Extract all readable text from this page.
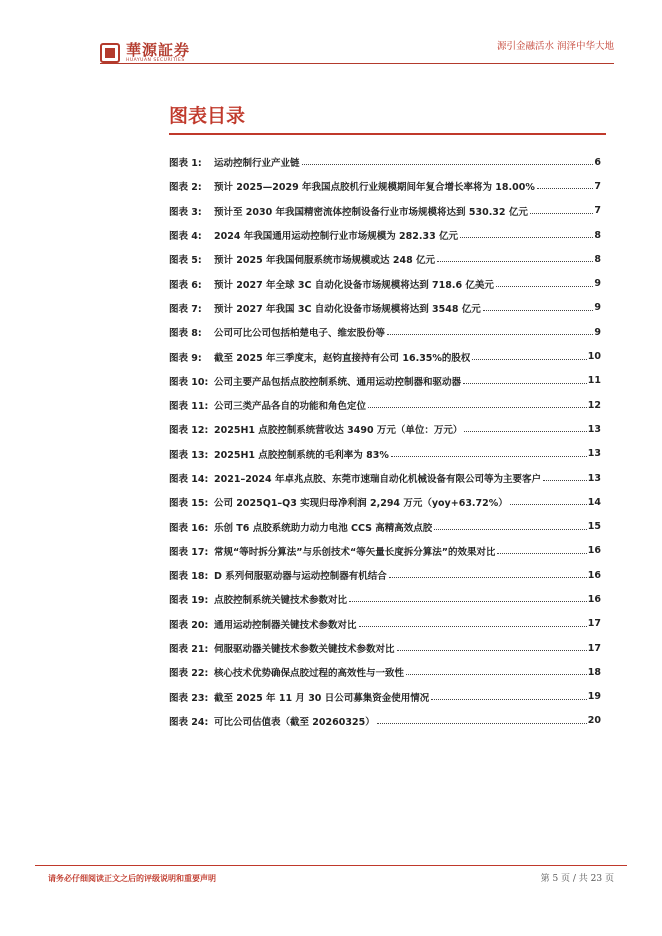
華源証券
HUAYUAN SECURITIES
源引金融活水 润泽中华大地
图表目录
图表 1:	运动控制行业产业链	6
图表 2:	预计 2025—2029 年我国点胶机行业规模期间年复合增长率将为 18.00%	7
图表 3:	预计至 2030 年我国精密流体控制设备行业市场规模将达到 530.32 亿元	7
图表 4:	2024 年我国通用运动控制行业市场规模为 282.33 亿元	8
图表 5:	预计 2025 年我国伺服系统市场规模或达 248 亿元	8
图表 6:	预计 2027 年全球 3C 自动化设备市场规模将达到 718.6 亿美元	9
图表 7:	预计 2027 年我国 3C 自动化设备市场规模将达到 3548 亿元	9
图表 8:	公司可比公司包括柏楚电子、维宏股份等	9
图表 9:	截至 2025 年三季度末，赵钧直接持有公司 16.35%的股权	10
图表 10: 公司主要产品包括点胶控制系统、通用运动控制器和驱动器	11
图表 11: 公司三类产品各自的功能和角色定位	12
图表 12: 2025H1 点胶控制系统营收达 3490 万元（单位：万元）	13
图表 13: 2025H1 点胶控制系统的毛利率为 83%	13
图表 14: 2021–2024 年卓兆点胶、东莞市速瑞自动化机械设备有限公司等为主要客户	13
图表 15: 公司 2025Q1–Q3 实现归母净利润 2,294 万元（yoy+63.72%）	14
图表 16: 乐创 T6 点胶系统助力动力电池 CCS 高精高效点胶	15
图表 17: 常规“等时拆分算法”与乐创技术“等矢量长度拆分算法”的效果对比	16
图表 18: D 系列伺服驱动器与运动控制器有机结合	16
图表 19: 点胶控制系统关键技术参数对比	16
图表 20: 通用运动控制器关键技术参数对比	17
图表 21: 伺服驱动器关键技术参数关键技术参数对比	17
图表 22: 核心技术优势确保点胶过程的高效性与一致性	18
图表 23: 截至 2025 年 11 月 30 日公司募集资金使用情况	19
图表 24: 可比公司估值表（截至 20260325）	20
请务必仔细阅读正文之后的评级说明和重要声明	第 5 页 / 共 23 页
